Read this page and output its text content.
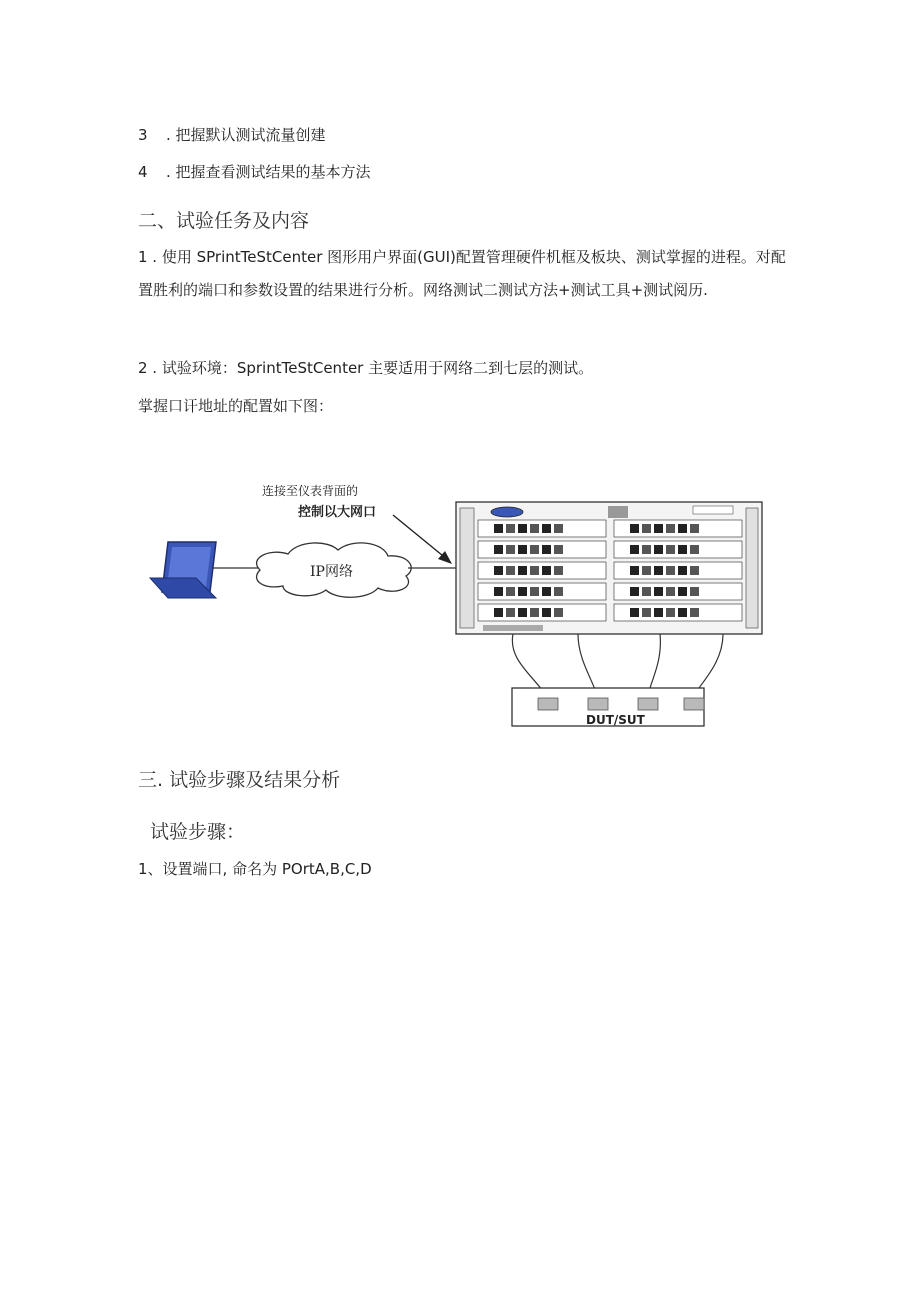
3 . 把握默认测试流量创建
4 . 把握查看测试结果的基本方法
二、试验任务及内容
1 . 使用 SPrintTeStCenter 图形用户界面(GUI)配置管理硬件机框及板块、测试掌握的进程。对配置胜利的端口和参数设置的结果进行分析。网络测试二测试方法+测试工具+测试阅历.
2 . 试验环境：SprintTeStCenter 主要适用于网络二到七层的测试。
掌握口讦地址的配置如下图：
IP网络
连接至仪表背面的
控制以大网口
DUT/SUT
三. 试验步骤及结果分析
试验步骤：
1、设置端口, 命名为 POrtA,B,C,D
